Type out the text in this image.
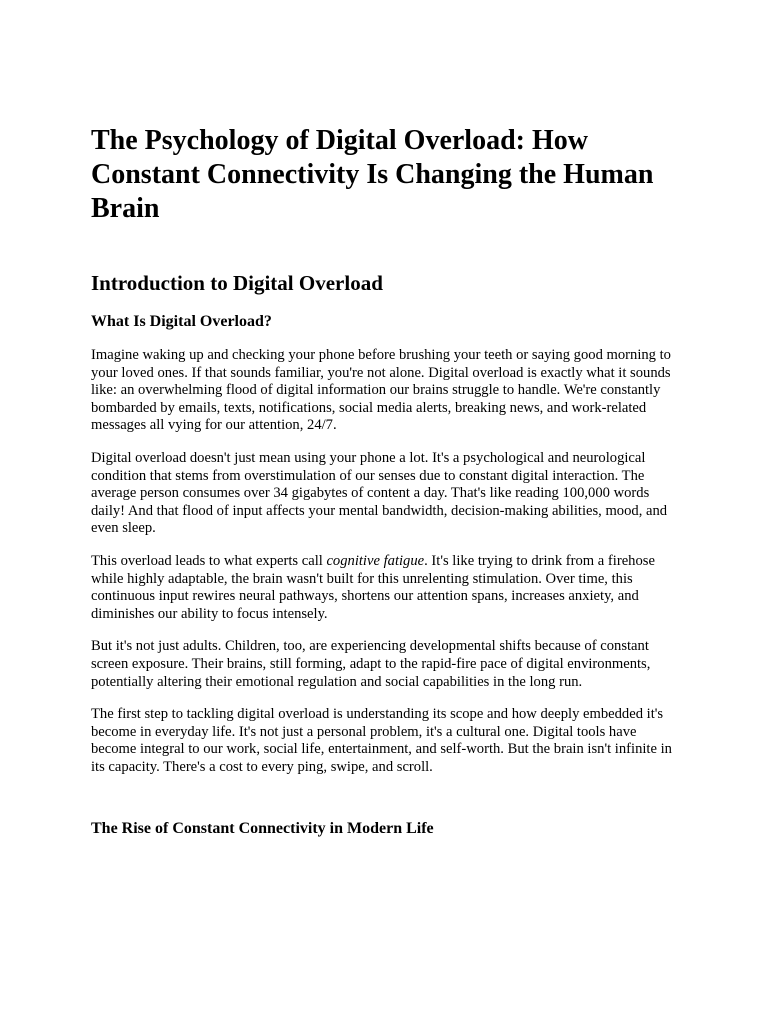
The Psychology of Digital Overload: How Constant Connectivity Is Changing the Human Brain
Introduction to Digital Overload
What Is Digital Overload?

Imagine waking up and checking your phone before brushing your teeth or saying good morning to your loved ones. If that sounds familiar, you're not alone. Digital overload is exactly what it sounds like: an overwhelming flood of digital information our brains struggle to handle. We're constantly bombarded by emails, texts, notifications, social media alerts, breaking news, and work-related messages all vying for our attention, 24/7.

Digital overload doesn't just mean using your phone a lot. It's a psychological and neurological condition that stems from overstimulation of our senses due to constant digital interaction. The average person consumes over 34 gigabytes of content a day. That's like reading 100,000 words daily! And that flood of input affects your mental bandwidth, decision-making abilities, mood, and even sleep.

This overload leads to what experts call cognitive fatigue. It's like trying to drink from a firehose while highly adaptable, the brain wasn't built for this unrelenting stimulation. Over time, this continuous input rewires neural pathways, shortens our attention spans, increases anxiety, and diminishes our ability to focus intensely.

But it's not just adults. Children, too, are experiencing developmental shifts because of constant screen exposure. Their brains, still forming, adapt to the rapid-fire pace of digital environments, potentially altering their emotional regulation and social capabilities in the long run.

The first step to tackling digital overload is understanding its scope and how deeply embedded it's become in everyday life. It's not just a personal problem, it's a cultural one. Digital tools have become integral to our work, social life, entertainment, and self-worth. But the brain isn't infinite in its capacity. There's a cost to every ping, swipe, and scroll.

The Rise of Constant Connectivity in Modern Life
